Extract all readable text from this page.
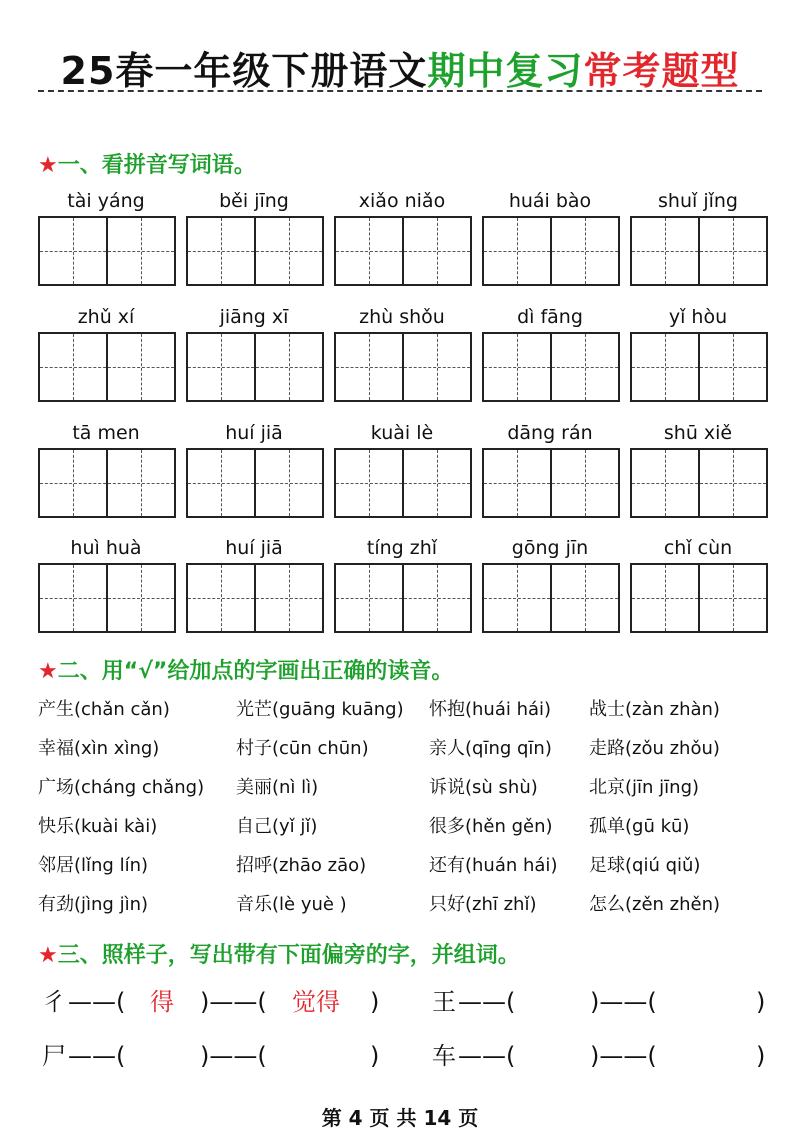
25春一年级下册语文期中复习常考题型
★一、看拼音写词语。
tài yáng	běi jīng	xiǎo niǎo	huái bào	shuǐ jǐng
zhǔ xí	jiāng xī	zhù shǒu	dì fāng	yǐ hòu
tā men	huí jiā	kuài lè	dāng rán	shū xiě
huì huà	huí jiā	tíng zhǐ	gōng jīn	chǐ cùn
★二、用“√”给加点的字画出正确的读音。
产生(chǎn cǎn)	光芒(guāng kuāng)	怀抱(huái hái)	战士(zàn zhàn)
幸福(xìn xìng)	村子(cūn chūn)	亲人(qīng qīn)	走路(zǒu zhǒu)
广场(cháng chǎng)	美丽(nì lì)	诉说(sù shù)	北京(jīn jīng)
快乐(kuài kài)	自己(yǐ jǐ)	很多(hěn gěn)	孤单(gū kū)
邻居(lǐng lín)	招呼(zhāo zāo)	还有(huán hái)	足球(qiú qiǔ)
有劲(jìng jìn)	音乐(lè yuè )	只好(zhī zhǐ)	怎么(zěn zhěn)
★三、照样子，写出带有下面偏旁的字，并组词。
彳 ——( 得 )——( 觉得 ) 王 ——(	)——(	)
尸 ——(	)——(	) 车 ——(	)——(	)
第 4 页 共 14 页
